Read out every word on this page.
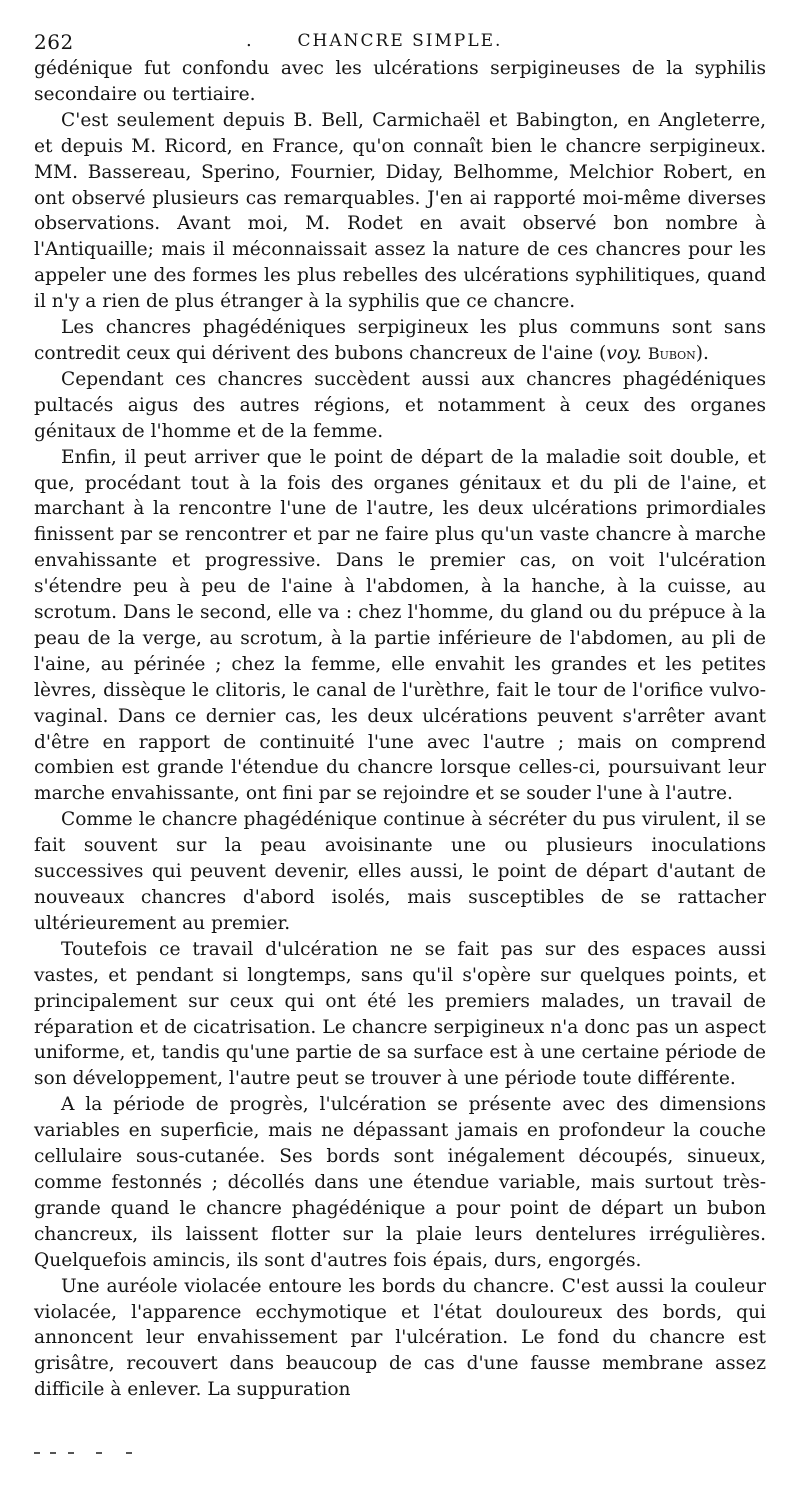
262	.	CHANCRE SIMPLE.

gédénique fut confondu avec les ulcérations serpigineuses de la syphilis secondaire ou tertiaire.

C'est seulement depuis B. Bell, Carmichaël et Babington, en Angleterre, et depuis M. Ricord, en France, qu'on connaît bien le chancre serpigineux. MM. Bassereau, Sperino, Fournier, Diday, Belhomme, Melchior Robert, en ont observé plusieurs cas remarquables. J'en ai rapporté moi-même diverses observations. Avant moi, M. Rodet en avait observé bon nombre à l'Antiquaille; mais il méconnaissait assez la nature de ces chancres pour les appeler une des formes les plus rebelles des ulcérations syphilitiques, quand il n'y a rien de plus étranger à la syphilis que ce chancre.

Les chancres phagédéniques serpigineux les plus communs sont sans contredit ceux qui dérivent des bubons chancreux de l'aine (voy. Bubon).

Cependant ces chancres succèdent aussi aux chancres phagédéniques pultacés aigus des autres régions, et notamment à ceux des organes génitaux de l'homme et de la femme.

Enfin, il peut arriver que le point de départ de la maladie soit double, et que, procédant tout à la fois des organes génitaux et du pli de l'aine, et marchant à la rencontre l'une de l'autre, les deux ulcérations primordiales finissent par se rencontrer et par ne faire plus qu'un vaste chancre à marche envahissante et progressive. Dans le premier cas, on voit l'ulcération s'étendre peu à peu de l'aine à l'abdomen, à la hanche, à la cuisse, au scrotum. Dans le second, elle va : chez l'homme, du gland ou du prépuce à la peau de la verge, au scrotum, à la partie inférieure de l'abdomen, au pli de l'aine, au périnée ; chez la femme, elle envahit les grandes et les petites lèvres, dissèque le clitoris, le canal de l'urèthre, fait le tour de l'orifice vulvo-vaginal. Dans ce dernier cas, les deux ulcérations peuvent s'arrêter avant d'être en rapport de continuité l'une avec l'autre ; mais on comprend combien est grande l'étendue du chancre lorsque celles-ci, poursuivant leur marche envahissante, ont fini par se rejoindre et se souder l'une à l'autre.

Comme le chancre phagédénique continue à sécréter du pus virulent, il se fait souvent sur la peau avoisinante une ou plusieurs inoculations successives qui peuvent devenir, elles aussi, le point de départ d'autant de nouveaux chancres d'abord isolés, mais susceptibles de se rattacher ultérieurement au premier.

Toutefois ce travail d'ulcération ne se fait pas sur des espaces aussi vastes, et pendant si longtemps, sans qu'il s'opère sur quelques points, et principalement sur ceux qui ont été les premiers malades, un travail de réparation et de cicatrisation. Le chancre serpigineux n'a donc pas un aspect uniforme, et, tandis qu'une partie de sa surface est à une certaine période de son développement, l'autre peut se trouver à une période toute différente.

A la période de progrès, l'ulcération se présente avec des dimensions variables en superficie, mais ne dépassant jamais en profondeur la couche cellulaire sous-cutanée. Ses bords sont inégalement découpés, sinueux, comme festonnés ; décollés dans une étendue variable, mais surtout très-grande quand le chancre phagédénique a pour point de départ un bubon chancreux, ils laissent flotter sur la plaie leurs dentelures irrégulières. Quelquefois amincis, ils sont d'autres fois épais, durs, engorgés.

Une auréole violacée entoure les bords du chancre. C'est aussi la couleur violacée, l'apparence ecchymotique et l'état douloureux des bords, qui annoncent leur envahissement par l'ulcération. Le fond du chancre est grisâtre, recouvert dans beaucoup de cas d'une fausse membrane assez difficile à enlever. La suppuration
